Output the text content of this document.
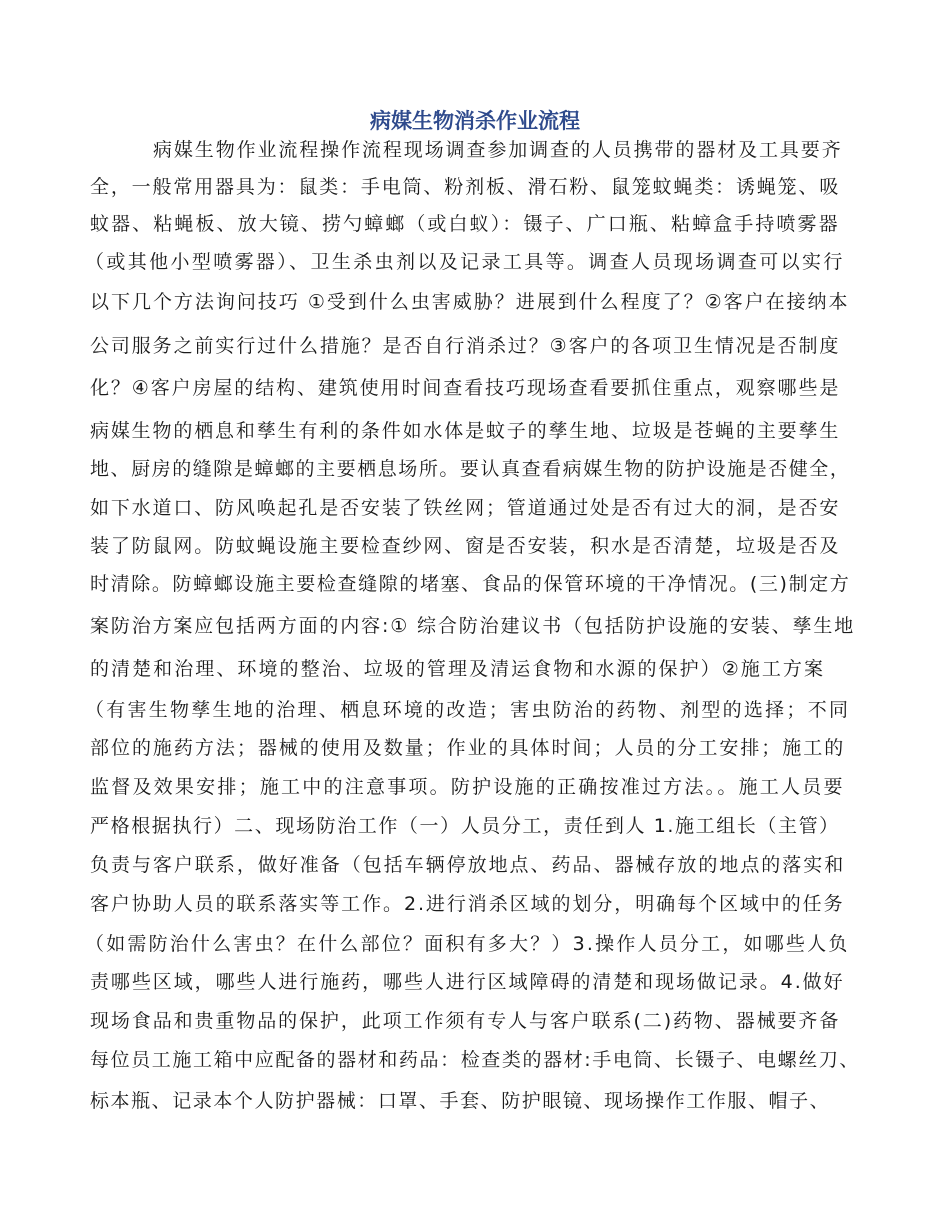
病媒生物消杀作业流程
病媒生物作业流程操作流程现场调查参加调查的人员携带的器材及工具要齐
全，一般常用器具为：鼠类：手电筒、粉剂板、滑石粉、鼠笼蚊蝇类：诱蝇笼、吸
蚊器、粘蝇板、放大镜、捞勺蟑螂（或白蚁）：镊子、广口瓶、粘蟑盒手持喷雾器
（或其他小型喷雾器）、卫生杀虫剂以及记录工具等。调查人员现场调查可以实行
以下几个方法询问技巧 ①受到什么虫害威胁？进展到什么程度了？②客户在接纳本
公司服务之前实行过什么措施？是否自行消杀过？③客户的各项卫生情况是否制度
化？④客户房屋的结构、建筑使用时间查看技巧现场查看要抓住重点，观察哪些是
病媒生物的栖息和孳生有利的条件如水体是蚊子的孳生地、垃圾是苍蝇的主要孳生
地、厨房的缝隙是蟑螂的主要栖息场所。要认真查看病媒生物的防护设施是否健全，
如下水道口、防风唤起孔是否安装了铁丝网；管道通过处是否有过大的洞，是否安
装了防鼠网。防蚊蝇设施主要检查纱网、窗是否安装，积水是否清楚，垃圾是否及
时清除。防蟑螂设施主要检查缝隙的堵塞、食品的保管环境的干净情况。(三)制定方
案防治方案应包括两方面的内容:① 综合防治建议书（包括防护设施的安装、孳生地
的清楚和治理、环境的整治、垃圾的管理及清运食物和水源的保护）②施工方案
（有害生物孳生地的治理、栖息环境的改造；害虫防治的药物、剂型的选择；不同
部位的施药方法；器械的使用及数量；作业的具体时间；人员的分工安排；施工的
监督及效果安排；施工中的注意事项。防护设施的正确按准过方法。。施工人员要
严格根据执行）二、现场防治工作（一）人员分工，责任到人 1.施工组长（主管）
负责与客户联系，做好准备（包括车辆停放地点、药品、器械存放的地点的落实和
客户协助人员的联系落实等工作。2.进行消杀区域的划分，明确每个区域中的任务
（如需防治什么害虫？在什么部位？面积有多大？）3.操作人员分工，如哪些人负
责哪些区域，哪些人进行施药，哪些人进行区域障碍的清楚和现场做记录。4.做好
现场食品和贵重物品的保护，此项工作须有专人与客户联系(二)药物、器械要齐备
每位员工施工箱中应配备的器材和药品：检查类的器材:手电筒、长镊子、电螺丝刀、
标本瓶、记录本个人防护器械：口罩、手套、防护眼镜、现场操作工作服、帽子、
